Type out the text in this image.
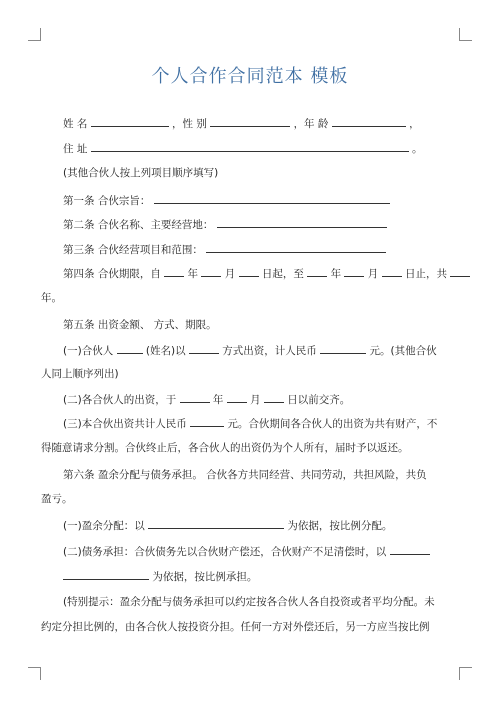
个人合作合同范本 模板
姓 名	，性 别	，年 龄	，
住 址	。
(其他合伙人按上列项目顺序填写)
第一条 合伙宗旨：
第二条 合伙名称、主要经营地：
第三条 合伙经营项目和范围：
第四条 合伙期限，自	年	月	日起，至	年	月	日止，共
年。
第五条 出资金额、 方式、期限。
(一)合伙人	(姓名)以	方式出资，计人民币	元。(其他合伙
人同上顺序列出)
(二)各合伙人的出资，于	年	月	日以前交齐。
(三)本合伙出资共计人民币	元。合伙期间各合伙人的出资为共有财产，不
得随意请求分割。合伙终止后，各合伙人的出资仍为个人所有，届时予以返还。
第六条 盈余分配与债务承担。 合伙各方共同经营、共同劳动，共担风险，共负
盈亏。
(一)盈余分配：以	为依据，按比例分配。
(二)债务承担：合伙债务先以合伙财产偿还，合伙财产不足清偿时，以
为依据，按比例承担。
(特别提示：盈余分配与债务承担可以约定按各合伙人各自投资或者平均分配。未
约定分担比例的，由各合伙人按投资分担。任何一方对外偿还后，另一方应当按比例
